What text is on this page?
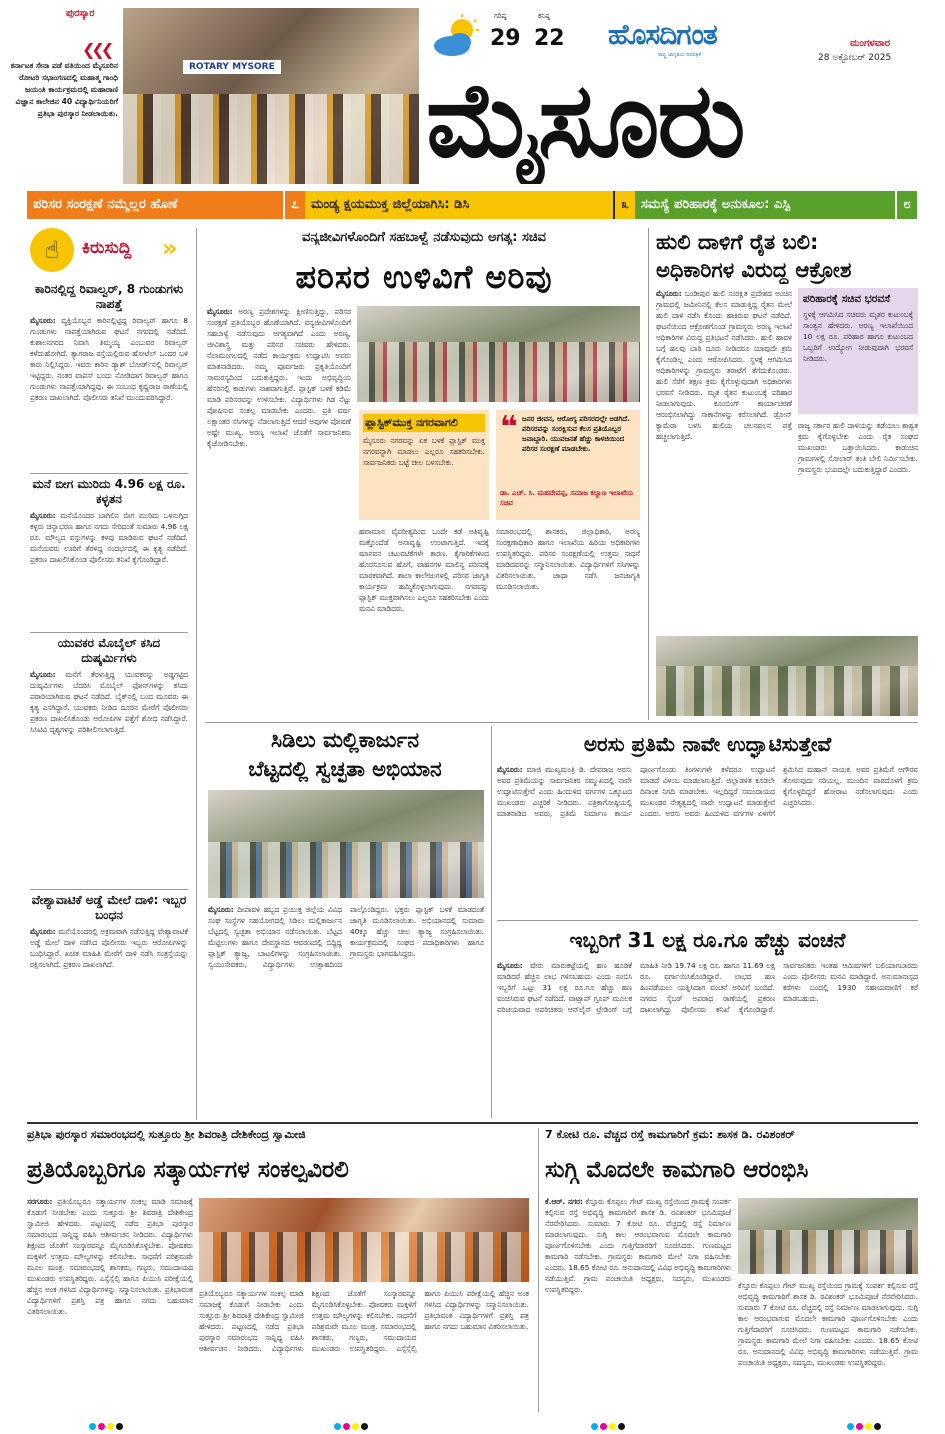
ಪುರಸ್ಕಾರ
❮❮❮
ಕರ್ನಾಟಕ ಸೇನಾ ಪಡೆ ವತಿಯಿಂದ ಮೈಸೂರಿನ ರೋಟರಿ ಸಭಾಂಗಣದಲ್ಲಿ ಮಹಾತ್ಮ ಗಾಂಧಿ ಜಯಂತಿ ಕಾರ್ಯಕ್ರಮದಲ್ಲಿ ಮಹಾರಾಣಿ ವಿಜ್ಞಾನ ಕಾಲೇಜಿನ 40 ವಿದ್ಯಾರ್ಥಿನಿಯರಿಗೆ ಪ್ರತಿಭಾ ಪುರಸ್ಕಾರ ನೀಡಲಾಯಿತು.
ROTARY MYSORE
ಗರಿಷ್ಠ
29
ಕನಿಷ್ಠ
22 ಹೊಸದಿಗಂತ
ರಾಷ್ಟ್ರ ಜಾಗೃತಿಯ ದಿನಪತ್ರಿಕೆ
ಮಂಗಳವಾರ
28 ಅಕ್ಟೋಬರ್ 2025
ಮೈಸೂರು
ಪರಿಸರ ಸಂರಕ್ಷಣೆ ನಮ್ಮೆಲ್ಲರ ಹೊಣೆ	೭ ಮಂಡ್ಯ ಕ್ಷಯಮುಕ್ತ ಜಿಲ್ಲೆಯಾಗಿಸಿ: ಡಿಸಿ	೩ ಸಮಸ್ಯೆ ಪರಿಹಾರಕ್ಕೆ ಅನುಕೂಲ: ಎಸ್ಪಿ	೮
☝	ಕಿರುಸುದ್ದಿ »
ಕಾರಿನಲ್ಲಿದ್ದ ರಿವಾಲ್ವರ್, 8 ಗುಂಡುಗಳು ನಾಪತ್ತೆ
ಮೈಸೂರು: ವ್ಯಕ್ತಿಯೊಬ್ಬರ ಕಾರಿನಲ್ಲಿಟ್ಟಿದ್ದ ರಿವಾಲ್ವರ್ ಹಾಗೂ 8 ಗುಂಡುಗಳು ನಾಪತ್ತೆಯಾಗಿರುವ ಘಟನೆ ನಗರದಲ್ಲಿ ನಡೆದಿದೆ. ಕುಶಾಲನಗರದ ನಿವಾಸಿ ತಿಮ್ಮಯ್ಯ ಎಂಬುವರ ರಿವಾಲ್ವರ್ ಕಳೆದುಹೋಗಿದೆ. ತ್ಯಾಗರಾಜ ರಸ್ತೆಯಲ್ಲಿರುವ ಹೋಟೆಲ್ ಒಂದರ ಬಳಿ ಕಾರು ನಿಲ್ಲಿಸಿದ್ದರು. ಇವರು ಕಾರಿನ ಡ್ಯಾಶ್ ಬೋರ್ಡ್‌ನಲ್ಲಿ ರಿವಾಲ್ವರ್ ಇಟ್ಟಿದ್ದರು. ನಂತರ ವಾಪಸ್ ಬಂದು ನೋಡಿದಾಗ ರಿವಾಲ್ವರ್ ಹಾಗೂ ಗುಂಡುಗಳು ನಾಪತ್ತೆಯಾಗಿದ್ದವು. ಈ ಸಂಬಂಧ ಕೃಷ್ಣರಾಜ ಠಾಣೆಯಲ್ಲಿ ಪ್ರಕರಣ ದಾಖಲಾಗಿದೆ. ಪೊಲೀಸರು ತನಿಖೆ ಮುಂದುವರಿಸಿದ್ದಾರೆ.
ಮನೆ ಬೀಗ ಮುರಿದು 4.96 ಲಕ್ಷ ರೂ. ಕಳ್ಳತನ
ಮೈಸೂರು: ಮನೆಯೊಂದರ ಬಾಗಿಲಿನ ಬೀಗ ಮುರಿದು ಒಳನುಗ್ಗಿದ ಕಳ್ಳರು ಚಿನ್ನಾಭರಣ ಹಾಗೂ ನಗದು ಸೇರಿದಂತೆ ಸುಮಾರು 4.96 ಲಕ್ಷ ರೂ. ಮೌಲ್ಯದ ವಸ್ತುಗಳನ್ನು ಕಳವು ಮಾಡಿರುವ ಘಟನೆ ನಡೆದಿದೆ. ಮನೆಯವರು ಊರಿಗೆ ತೆರಳಿದ್ದ ಸಂದರ್ಭದಲ್ಲಿ ಈ ಕೃತ್ಯ ನಡೆದಿದೆ. ಪ್ರಕರಣ ದಾಖಲಿಸಿಕೊಂಡ ಪೊಲೀಸರು ತನಿಖೆ ಕೈಗೊಂಡಿದ್ದಾರೆ.
ಯುವಕರ ಮೊಬೈಲ್ ಕಸಿದ ದುಷ್ಕರ್ಮಿಗಳು
ಮೈಸೂರು: ಮನೆಗೆ ತೆರಳುತ್ತಿದ್ದ ಯುವಕರನ್ನು ಅಡ್ಡಗಟ್ಟಿದ ದುಷ್ಕರ್ಮಿಗಳು ಬೆದರಿಸಿ ಮೊಬೈಲ್ ಫೋನ್‌ಗಳನ್ನು ಕಸಿದು ಪರಾರಿಯಾಗಿರುವ ಘಟನೆ ನಡೆದಿದೆ. ಬೈಕ್‌ನಲ್ಲಿ ಬಂದ ಮೂವರು ಈ ಕೃತ್ಯ ಎಸಗಿದ್ದಾರೆ. ಯುವಕರು ನೀಡಿದ ದೂರಿನ ಮೇರೆಗೆ ಪೊಲೀಸರು ಪ್ರಕರಣ ದಾಖಲಿಸಿಕೊಂಡು ಆರೋಪಿಗಳ ಪತ್ತೆಗೆ ಶೋಧ ನಡೆಸಿದ್ದಾರೆ. ಸಿಸಿಟಿವಿ ದೃಶ್ಯಗಳನ್ನು ಪರಿಶೀಲಿಸಲಾಗುತ್ತಿದೆ.
ವೇಶ್ಯಾವಾಟಿಕೆ ಅಡ್ಡೆ ಮೇಲೆ ದಾಳಿ: ಇಬ್ಬರ ಬಂಧನ
ಮೈಸೂರು: ಮನೆಯೊಂದರಲ್ಲಿ ಅಕ್ರಮವಾಗಿ ನಡೆಸುತ್ತಿದ್ದ ವೇಶ್ಯಾವಾಟಿಕೆ ಅಡ್ಡೆ ಮೇಲೆ ದಾಳಿ ನಡೆಸಿದ ಪೊಲೀಸರು ಇಬ್ಬರು ಆರೋಪಿಗಳನ್ನು ಬಂಧಿಸಿದ್ದಾರೆ. ಖಚಿತ ಮಾಹಿತಿ ಮೇರೆಗೆ ದಾಳಿ ನಡೆಸಿ ಸಂತ್ರಸ್ತೆಯನ್ನು ರಕ್ಷಿಸಲಾಗಿದೆ. ಪ್ರಕರಣ ದಾಖಲಾಗಿದೆ.
ವನ್ಯಜೀವಿಗಳೊಂದಿಗೆ ಸಹಬಾಳ್ವೆ ನಡೆಸುವುದು ಅಗತ್ಯ: ಸಚಿವ
ಪರಿಸರ ಉಳಿವಿಗೆ ಅರಿವು
ಮೈಸೂರು: ಅರಣ್ಯ ಪ್ರದೇಶಗಳನ್ನು ಕ್ಷೀಣಿಸುತ್ತಿದ್ದು, ಪರಿಸರ ಸಂರಕ್ಷಣೆ ಪ್ರತಿಯೊಬ್ಬರ ಹೊಣೆಯಾಗಿದೆ. ವನ್ಯಜೀವಿಗಳೊಂದಿಗೆ ಸಹಬಾಳ್ವೆ ನಡೆಸುವುದು ಅಗತ್ಯವಾಗಿದೆ ಎಂದು ಅರಣ್ಯ, ಜೀವಿಶಾಸ್ತ್ರ ಮತ್ತು ಪರಿಸರ ಸಚಿವರು ಹೇಳಿದರು. ನೆಲಾಮಂಗಲದಲ್ಲಿ ನಡೆದ ಕಾರ್ಯಕ್ರಮ ಉದ್ಘಾಟಿಸಿ ಅವರು ಮಾತನಾಡಿದರು. ನಮ್ಮ ಪೂರ್ವಜರು ಪ್ರಕೃತಿಯೊಂದಿಗೆ ಸಾಮರಸ್ಯದಿಂದ ಬದುಕುತ್ತಿದ್ದರು. ಇಂದು ಅಭಿವೃದ್ಧಿಯ ಹೆಸರಿನಲ್ಲಿ ಕಾಡುಗಳು ನಾಶವಾಗುತ್ತಿವೆ. ಪ್ಲಾಸ್ಟಿಕ್ ಬಳಕೆ ಕಡಿಮೆ ಮಾಡಿ ಪರಿಸರವನ್ನು ಉಳಿಸಬೇಕು. ವಿದ್ಯಾರ್ಥಿಗಳು ಗಿಡ ನೆಟ್ಟು ಪೋಷಿಸುವ ಸಂಕಲ್ಪ ಮಾಡಬೇಕು ಎಂದರು. ಪ್ರತಿ ವರ್ಷ ಲಕ್ಷಾಂತರ ಸಸಿಗಳನ್ನು ನೆಡಲಾಗುತ್ತಿದೆ ಆದರೆ ಅವುಗಳ ಪೋಷಣೆ ಅಷ್ಟೇ ಮುಖ್ಯ. ಅರಣ್ಯ ಇಲಾಖೆ ಜೊತೆಗೆ ಸಾರ್ವಜನಿಕರು ಕೈಜೋಡಿಸಬೇಕು.
ಪ್ಲಾಸ್ಟಿಕ್‌ಮುಕ್ತ ನಗರವಾಗಲಿ
ಮೈಸೂರು ನಗರವನ್ನು ಏಕ ಬಳಕೆ ಪ್ಲಾಸ್ಟಿಕ್ ಮುಕ್ತ ನಗರವನ್ನಾಗಿ ಮಾಡಲು ಎಲ್ಲರೂ ಸಹಕರಿಸಬೇಕು. ಸಾರ್ವಜನಿಕರು ಬಟ್ಟೆ ಚೀಲ ಬಳಸಬೇಕು.
❝ ಜನರ ಜೀವನ, ಆರೋಗ್ಯ ಪರಿಸರದಲ್ಲೇ ಅಡಗಿದೆ. ಪರಿಸರವನ್ನು ಸಂರಕ್ಷಿಸುವ ಕೆಲಸ ಪ್ರತಿಯೊಬ್ಬರ ಜವಾಬ್ದಾರಿ. ಯುವಜನತೆ ಹೆಚ್ಚು ಕಾಳಜಿಯಿಂದ ಪರಿಸರ ಸಂರಕ್ಷಣೆ ಮಾಡಬೇಕು.
ಡಾ. ಎಚ್. ಸಿ. ಮಹದೇವಪ್ಪ, ಸಮಾಜ ಕಲ್ಯಾಣ ಇಲಾಖೆಯ ಸಚಿವ
ಹವಾಮಾನ ವೈಪರೀತ್ಯದಿಂದ ಒಂದೇ ಕಡೆ ಅತಿವೃಷ್ಟಿ ಮತ್ತೊಂದೆಡೆ ಅನಾವೃಷ್ಟಿ ಉಂಟಾಗುತ್ತಿದೆ. ಇದಕ್ಕೆ ಮಾನವನ ಚಟುವಟಿಕೆಗಳೇ ಕಾರಣ. ಕೈಗಾರಿಕೆಗಳಿಂದ ಹೊರಸೂಸುವ ಹೊಗೆ, ವಾಹನಗಳ ಮಾಲಿನ್ಯ ಪರಿಸರಕ್ಕೆ ಮಾರಕವಾಗಿದೆ. ಶಾಲಾ ಕಾಲೇಜುಗಳಲ್ಲಿ ಪರಿಸರ ಜಾಗೃತಿ ಕಾರ್ಯಕ್ರಮ ಹಮ್ಮಿಕೊಳ್ಳಲಾಗುವುದು. ನಗರವನ್ನು ಪ್ಲಾಸ್ಟಿಕ್ ಮುಕ್ತವಾಗಿಸಲು ಎಲ್ಲರೂ ಸಹಕರಿಸಬೇಕು ಎಂದು ಮನವಿ ಮಾಡಿದರು.
ಸಮಾರಂಭದಲ್ಲಿ ಶಾಸಕರು, ಜಿಲ್ಲಾಧಿಕಾರಿ, ಅರಣ್ಯ ಸಂರಕ್ಷಣಾಧಿಕಾರಿ ಹಾಗೂ ಇಲಾಖೆಯ ಹಿರಿಯ ಅಧಿಕಾರಿಗಳು ಉಪಸ್ಥಿತರಿದ್ದರು. ಪರಿಸರ ಸಂರಕ್ಷಣೆಯಲ್ಲಿ ಉತ್ತಮ ಸಾಧನೆ ಮಾಡಿದವರನ್ನು ಸನ್ಮಾನಿಸಲಾಯಿತು. ವಿದ್ಯಾರ್ಥಿಗಳಿಗೆ ಸಸಿಗಳನ್ನು ವಿತರಿಸಲಾಯಿತು. ಜಾಥಾ ನಡೆಸಿ ಜನಜಾಗೃತಿ ಮೂಡಿಸಲಾಯಿತು.
ಹುಲಿ ದಾಳಿಗೆ ರೈತ ಬಲಿ:
ಅಧಿಕಾರಿಗಳ ವಿರುದ್ಧ ಆಕ್ರೋಶ
ಮೈಸೂರು: ಬಂಡೀಪುರ ಹುಲಿ ಸಂರಕ್ಷಿತ ಪ್ರದೇಶದ ಅಂಚಿನ ಗ್ರಾಮದಲ್ಲಿ ಜಮೀನಿನಲ್ಲಿ ಕೆಲಸ ಮಾಡುತ್ತಿದ್ದ ರೈತನ ಮೇಲೆ ಹುಲಿ ದಾಳಿ ನಡೆಸಿ ಕೊಂದು ಹಾಕಿರುವ ಘಟನೆ ನಡೆದಿದೆ. ಘಟನೆಯಿಂದ ಆಕ್ರೋಶಗೊಂಡ ಗ್ರಾಮಸ್ಥರು ಅರಣ್ಯ ಇಲಾಖೆ ಅಧಿಕಾರಿಗಳ ವಿರುದ್ಧ ಪ್ರತಿಭಟನೆ ನಡೆಸಿದರು. ಹುಲಿ ಹಾವಳಿ ಬಗ್ಗೆ ಹಲವು ಬಾರಿ ದೂರು ನೀಡಿದರೂ ಯಾವುದೇ ಕ್ರಮ ಕೈಗೊಂಡಿಲ್ಲ ಎಂದು ಆರೋಪಿಸಿದರು. ಸ್ಥಳಕ್ಕೆ ಆಗಮಿಸಿದ ಅಧಿಕಾರಿಗಳನ್ನು ಗ್ರಾಮಸ್ಥರು ತರಾಟೆಗೆ ತೆಗೆದುಕೊಂಡರು. ಹುಲಿ ಸೆರೆಗೆ ತಕ್ಷಣ ಕ್ರಮ ಕೈಗೊಳ್ಳುವುದಾಗಿ ಅಧಿಕಾರಿಗಳು ಭರವಸೆ ನೀಡಿದರು. ಮೃತ ರೈತನ ಕುಟುಂಬಕ್ಕೆ ಪರಿಹಾರ ನೀಡಲಾಗುವುದು. ಕೂಂಬಿಂಗ್ ಕಾರ್ಯಾಚರಣೆ ಆರಂಭಿಸಲಾಗಿದ್ದು ಸಾಕಾನೆಗಳನ್ನು ಕರೆಸಲಾಗಿದೆ. ಡ್ರೋನ್ ಕ್ಯಾಮೆರಾ ಬಳಸಿ ಹುಲಿಯ ಚಲನವಲನ ಪತ್ತೆ ಹಚ್ಚಲಾಗುತ್ತಿದೆ.
ಪರಿಹಾರಕ್ಕೆ ಸಚಿವ ಭರವಸೆ
ಸ್ಥಳಕ್ಕೆ ಆಗಮಿಸಿದ ಸಚಿವರು ಮೃತರ ಕುಟುಂಬಕ್ಕೆ ಸಾಂತ್ವನ ಹೇಳಿದರು. ಅರಣ್ಯ ಇಲಾಖೆಯಿಂದ 10 ಲಕ್ಷ ರೂ. ಪರಿಹಾರ ಹಾಗೂ ಕುಟುಂಬದ ಒಬ್ಬರಿಗೆ ಉದ್ಯೋಗ ನೀಡುವುದಾಗಿ ಭರವಸೆ ನೀಡಿದರು.
ರಾಜ್ಯ ಸರ್ಕಾರ ಹುಲಿ ದಾಳಿಯನ್ನು ತಡೆಯಲು ಶಾಶ್ವತ ಕ್ರಮ ಕೈಗೊಳ್ಳಬೇಕು ಎಂದು ರೈತ ಸಂಘದ ಮುಖಂಡರು ಒತ್ತಾಯಿಸಿದರು. ಕಾಡಂಚಿನ ಗ್ರಾಮಗಳಲ್ಲಿ ಸೋಲಾರ್ ತಂತಿ ಬೇಲಿ ನಿರ್ಮಿಸಬೇಕು. ಗ್ರಾಮಸ್ಥರು ಭಯದಲ್ಲೇ ಬದುಕುತ್ತಿದ್ದಾರೆ ಎಂದರು.
ಸಿಡಿಲು ಮಲ್ಲಿಕಾರ್ಜುನ
ಬೆಟ್ಟದಲ್ಲಿ ಸ್ವಚ್ಛತಾ ಅಭಿಯಾನ
ಮೈಸೂರು: ದೀಪಾವಳಿ ಹಬ್ಬದ ಪ್ರಯುಕ್ತ ಜಿಲ್ಲೆಯ ವಿವಿಧ ಸಂಘ ಸಂಸ್ಥೆಗಳ ಸಹಯೋಗದಲ್ಲಿ ಸಿಡಿಲು ಮಲ್ಲಿಕಾರ್ಜುನ ಬೆಟ್ಟದಲ್ಲಿ ಸ್ವಚ್ಛತಾ ಅಭಿಯಾನ ನಡೆಸಲಾಯಿತು. ಬೆಟ್ಟದ ಮೆಟ್ಟಿಲುಗಳು ಹಾಗೂ ದೇವಸ್ಥಾನದ ಆವರಣದಲ್ಲಿ ಬಿದ್ದಿದ್ದ ಪ್ಲಾಸ್ಟಿಕ್ ತ್ಯಾಜ್ಯ, ಬಾಟಲಿಗಳನ್ನು ಸಂಗ್ರಹಿಸಲಾಯಿತು. ಸ್ವಯಂಸೇವಕರು, ವಿದ್ಯಾರ್ಥಿಗಳು ಉತ್ಸಾಹದಿಂದ ಪಾಲ್ಗೊಂಡಿದ್ದರು. ಭಕ್ತರು ಪ್ಲಾಸ್ಟಿಕ್ ಬಳಕೆ ಮಾಡದಂತೆ ಜಾಗೃತಿ ಮೂಡಿಸಲಾಯಿತು. ಅಭಿಯಾನದಲ್ಲಿ ಸುಮಾರು 40ಕ್ಕೂ ಹೆಚ್ಚು ಚೀಲ ತ್ಯಾಜ್ಯ ಸಂಗ್ರಹಿಸಲಾಯಿತು. ಕಾರ್ಯಕ್ರಮದಲ್ಲಿ ಸಂಘದ ಪದಾಧಿಕಾರಿಗಳು ಹಾಗೂ ಗ್ರಾಮಸ್ಥರು ಭಾಗವಹಿಸಿದ್ದರು.
ಅರಸು ಪ್ರತಿಮೆ ನಾವೇ ಉದ್ಘಾಟಿಸುತ್ತೇವೆ
ಮೈಸೂರು: ಮಾಜಿ ಮುಖ್ಯಮಂತ್ರಿ ಡಿ. ದೇವರಾಜ ಅರಸು ಅವರ ಪ್ರತಿಮೆಯನ್ನು ಸಾರ್ವಜನಿಕರ ಸಮ್ಮುಖದಲ್ಲಿ ನಾವೇ ಉದ್ಘಾಟಿಸುತ್ತೇವೆ ಎಂದು ಹಿಂದುಳಿದ ವರ್ಗಗಳ ಒಕ್ಕೂಟದ ಮುಖಂಡರು ಎಚ್ಚರಿಕೆ ನೀಡಿದರು. ಪತ್ರಿಕಾಗೋಷ್ಠಿಯಲ್ಲಿ ಮಾತನಾಡಿದ ಅವರು, ಪ್ರತಿಮೆ ನಿರ್ಮಾಣ ಕಾರ್ಯ ಪೂರ್ಣಗೊಂಡು ತಿಂಗಳುಗಳೇ ಕಳೆದರೂ ಉದ್ಘಾಟನೆ ಮಾಡದೆ ವಿಳಂಬ ಮಾಡಲಾಗುತ್ತಿದೆ. ಜಿಲ್ಲಾಡಳಿತ ಕೂಡಲೇ ದಿನಾಂಕ ನಿಗದಿ ಮಾಡಬೇಕು. ಇಲ್ಲದಿದ್ದರೆ ಸಮುದಾಯದ ಮುಖಂಡರ ನೇತೃತ್ವದಲ್ಲಿ ನಾವೇ ಉದ್ಘಾಟನೆ ಮಾಡುತ್ತೇವೆ ಎಂದರು. ಅರಸು ಅವರು ಹಿಂದುಳಿದ ವರ್ಗಗಳ ಏಳಿಗೆಗೆ ಶ್ರಮಿಸಿದ ಮಹಾನ್ ನಾಯಕ. ಅವರ ಪ್ರತಿಮೆಗೆ ಅಗೌರವ ತೋರುವುದು ಸರಿಯಲ್ಲ. ಮುಂದಿನ ವಾರದೊಳಗೆ ಕ್ರಮ ಕೈಗೊಳ್ಳದಿದ್ದರೆ ಹೋರಾಟ ನಡೆಸಲಾಗುವುದು ಎಂದು ಎಚ್ಚರಿಸಿದರು.
ಇಬ್ಬರಿಗೆ 31 ಲಕ್ಷ ರೂ.ಗೂ ಹೆಚ್ಚು ವಂಚನೆ
ಮೈಸೂರು: ಷೇರು ಮಾರುಕಟ್ಟೆಯಲ್ಲಿ ಹಣ ಹೂಡಿಕೆ ಮಾಡಿದರೆ ಹೆಚ್ಚಿನ ಲಾಭ ಗಳಿಸಬಹುದು ಎಂದು ನಂಬಿಸಿ ಇಬ್ಬರಿಗೆ ಒಟ್ಟು 31 ಲಕ್ಷ ರೂ.ಗೂ ಹೆಚ್ಚು ಹಣ ವಂಚಿಸಿರುವ ಘಟನೆ ನಡೆದಿದೆ. ವಾಟ್ಸಾಪ್ ಗ್ರೂಪ್ ಮೂಲಕ ಪರಿಚಯವಾದ ಅಪರಿಚಿತರು ಆನ್‌ಲೈನ್ ಟ್ರೇಡಿಂಗ್ ಬಗ್ಗೆ ಮಾಹಿತಿ ನೀಡಿ 19.74 ಲಕ್ಷ ರೂ. ಹಾಗೂ 11.69 ಲಕ್ಷ ರೂ. ವರ್ಗಾಯಿಸಿಕೊಂಡಿದ್ದಾರೆ. ಲಾಭದ ಹಣ ಹಿಂಪಡೆಯಲು ಯತ್ನಿಸಿದಾಗ ವಂಚನೆ ಅರಿವಿಗೆ ಬಂದಿದೆ. ನಗರದ ಸೈಬರ್ ಅಪರಾಧ ಠಾಣೆಯಲ್ಲಿ ಪ್ರಕರಣ ದಾಖಲಾಗಿದ್ದು ಪೊಲೀಸರು ತನಿಖೆ ಕೈಗೊಂಡಿದ್ದಾರೆ. ಸಾರ್ವಜನಿಕರು ಇಂತಹ ಆಮಿಷಗಳಿಗೆ ಬಲಿಯಾಗಬಾರದು ಎಂದು ಪೊಲೀಸರು ಮನವಿ ಮಾಡಿದ್ದಾರೆ. ಅನುಮಾನಾಸ್ಪದ ಕರೆಗಳು ಬಂದಲ್ಲಿ 1930 ಸಹಾಯವಾಣಿಗೆ ಕರೆ ಮಾಡಬಹುದು.
ಪ್ರತಿಭಾ ಪುರಸ್ಕಾರ ಸಮಾರಂಭದಲ್ಲಿ ಸುತ್ತೂರು ಶ್ರೀ ಶಿವರಾತ್ರಿ ದೇಶಿಕೇಂದ್ರ ಸ್ವಾಮೀಜಿ
ಪ್ರತಿಯೊಬ್ಬರಿಗೂ ಸತ್ಕಾರ್ಯಗಳ ಸಂಕಲ್ಪವಿರಲಿ
ಸರಗೂರು: ಪ್ರತಿಯೊಬ್ಬರೂ ಸತ್ಕಾರ್ಯಗಳ ಸಂಕಲ್ಪ ಮಾಡಿ ಸಮಾಜಕ್ಕೆ ಕೊಡುಗೆ ನೀಡಬೇಕು ಎಂದು ಸುತ್ತೂರು ಶ್ರೀ ಶಿವರಾತ್ರಿ ದೇಶಿಕೇಂದ್ರ ಸ್ವಾಮೀಜಿ ಹೇಳಿದರು. ಪಟ್ಟಣದಲ್ಲಿ ನಡೆದ ಪ್ರತಿಭಾ ಪುರಸ್ಕಾರ ಸಮಾರಂಭದ ಸಾನ್ನಿಧ್ಯ ವಹಿಸಿ ಆಶೀರ್ವಚನ ನೀಡಿದರು. ವಿದ್ಯಾರ್ಥಿಗಳು ಶಿಕ್ಷಣದ ಜೊತೆಗೆ ಸಂಸ್ಕಾರವನ್ನೂ ಮೈಗೂಡಿಸಿಕೊಳ್ಳಬೇಕು. ಪೋಷಕರು ಮಕ್ಕಳಿಗೆ ಉತ್ತಮ ಮೌಲ್ಯಗಳನ್ನು ಕಲಿಸಬೇಕು. ಸಾಧನೆಗೆ ಪರಿಶ್ರಮವೇ ಮೂಲ ಮಂತ್ರ. ಸಮಾರಂಭದಲ್ಲಿ ಶಾಸಕರು, ಗಣ್ಯರು, ಸಮುದಾಯದ ಮುಖಂಡರು ಉಪಸ್ಥಿತರಿದ್ದರು. ಎಸ್ಸೆಸ್ಸೆಲ್ಸಿ ಹಾಗೂ ಪಿಯುಸಿ ಪರೀಕ್ಷೆಯಲ್ಲಿ ಹೆಚ್ಚಿನ ಅಂಕ ಗಳಿಸಿದ ವಿದ್ಯಾರ್ಥಿಗಳನ್ನು ಸನ್ಮಾನಿಸಲಾಯಿತು. ಪ್ರತಿಭಾವಂತ ವಿದ್ಯಾರ್ಥಿಗಳಿಗೆ ಪ್ರಶಸ್ತಿ ಪತ್ರ ಹಾಗೂ ನಗದು ಬಹುಮಾನ ವಿತರಿಸಲಾಯಿತು.
ಪ್ರತಿಯೊಬ್ಬರೂ ಸತ್ಕಾರ್ಯಗಳ ಸಂಕಲ್ಪ ಮಾಡಿ ಸಮಾಜಕ್ಕೆ ಕೊಡುಗೆ ನೀಡಬೇಕು ಎಂದು ಸುತ್ತೂರು ಶ್ರೀ ಶಿವರಾತ್ರಿ ದೇಶಿಕೇಂದ್ರ ಸ್ವಾಮೀಜಿ ಹೇಳಿದರು. ಪಟ್ಟಣದಲ್ಲಿ ನಡೆದ ಪ್ರತಿಭಾ ಪುರಸ್ಕಾರ ಸಮಾರಂಭದ ಸಾನ್ನಿಧ್ಯ ವಹಿಸಿ ಆಶೀರ್ವಚನ ನೀಡಿದರು. ವಿದ್ಯಾರ್ಥಿಗಳು ಶಿಕ್ಷಣದ ಜೊತೆಗೆ ಸಂಸ್ಕಾರವನ್ನೂ ಮೈಗೂಡಿಸಿಕೊಳ್ಳಬೇಕು. ಪೋಷಕರು ಮಕ್ಕಳಿಗೆ ಉತ್ತಮ ಮೌಲ್ಯಗಳನ್ನು ಕಲಿಸಬೇಕು. ಸಾಧನೆಗೆ ಪರಿಶ್ರಮವೇ ಮೂಲ ಮಂತ್ರ. ಸಮಾರಂಭದಲ್ಲಿ ಶಾಸಕರು, ಗಣ್ಯರು, ಸಮುದಾಯದ ಮುಖಂಡರು ಉಪಸ್ಥಿತರಿದ್ದರು. ಎಸ್ಸೆಸ್ಸೆಲ್ಸಿ ಹಾಗೂ ಪಿಯುಸಿ ಪರೀಕ್ಷೆಯಲ್ಲಿ ಹೆಚ್ಚಿನ ಅಂಕ ಗಳಿಸಿದ ವಿದ್ಯಾರ್ಥಿಗಳನ್ನು ಸನ್ಮಾನಿಸಲಾಯಿತು. ಪ್ರತಿಭಾವಂತ ವಿದ್ಯಾರ್ಥಿಗಳಿಗೆ ಪ್ರಶಸ್ತಿ ಪತ್ರ ಹಾಗೂ ನಗದು ಬಹುಮಾನ ವಿತರಿಸಲಾಯಿತು.
7 ಕೋಟಿ ರೂ. ವೆಚ್ಚದ ರಸ್ತೆ ಕಾಮಗಾರಿಗೆ ಕ್ರಮ: ಶಾಸಕ ಡಿ. ರವಿಶಂಕರ್
ಸುಗ್ಗಿ ಮೊದಲೇ ಕಾಮಗಾರಿ ಆರಂಭಿಸಿ
ಕೆ.ಆರ್. ನಗರ: ಕೆಸ್ತೂರು ಕೊಪ್ಪಲು ಗೇಟ್ ಮುಖ್ಯ ರಸ್ತೆಯಿಂದ ಗ್ರಾಮಕ್ಕೆ ಸಂಪರ್ಕ ಕಲ್ಪಿಸುವ ರಸ್ತೆ ಅಭಿವೃದ್ಧಿ ಕಾಮಗಾರಿಗೆ ಶಾಸಕ ಡಿ. ರವಿಶಂಕರ್ ಭೂಮಿಪೂಜೆ ನೆರವೇರಿಸಿದರು. ಸುಮಾರು 7 ಕೋಟಿ ರೂ. ವೆಚ್ಚದಲ್ಲಿ ರಸ್ತೆ ನಿರ್ಮಾಣ ಮಾಡಲಾಗುವುದು. ಸುಗ್ಗಿ ಕಾಲ ಆರಂಭವಾಗುವ ಮೊದಲೇ ಕಾಮಗಾರಿ ಪೂರ್ಣಗೊಳಿಸಬೇಕು ಎಂದು ಗುತ್ತಿಗೆದಾರರಿಗೆ ಸೂಚಿಸಿದರು. ಗುಣಮಟ್ಟದ ಕಾಮಗಾರಿ ನಡೆಸಬೇಕು. ಗ್ರಾಮಸ್ಥರು ಕಾಮಗಾರಿ ಮೇಲೆ ನಿಗಾ ವಹಿಸಬೇಕು ಎಂದರು. 18.65 ಕೋಟಿ ರೂ. ಅನುದಾನದಲ್ಲಿ ವಿವಿಧ ಅಭಿವೃದ್ಧಿ ಕಾಮಗಾರಿಗಳು ನಡೆಯುತ್ತಿವೆ. ಗ್ರಾಮ ಪಂಚಾಯಿತಿ ಅಧ್ಯಕ್ಷರು, ಸದಸ್ಯರು, ಮುಖಂಡರು ಉಪಸ್ಥಿತರಿದ್ದರು.	ಕೆಸ್ತೂರು ಕೊಪ್ಪಲು ಗೇಟ್ ಮುಖ್ಯ ರಸ್ತೆಯಿಂದ ಗ್ರಾಮಕ್ಕೆ ಸಂಪರ್ಕ ಕಲ್ಪಿಸುವ ರಸ್ತೆ ಅಭಿವೃದ್ಧಿ ಕಾಮಗಾರಿಗೆ ಶಾಸಕ ಡಿ. ರವಿಶಂಕರ್ ಭೂಮಿಪೂಜೆ ನೆರವೇರಿಸಿದರು. ಸುಮಾರು 7 ಕೋಟಿ ರೂ. ವೆಚ್ಚದಲ್ಲಿ ರಸ್ತೆ ನಿರ್ಮಾಣ ಮಾಡಲಾಗುವುದು. ಸುಗ್ಗಿ ಕಾಲ ಆರಂಭವಾಗುವ ಮೊದಲೇ ಕಾಮಗಾರಿ ಪೂರ್ಣಗೊಳಿಸಬೇಕು ಎಂದು ಗುತ್ತಿಗೆದಾರರಿಗೆ ಸೂಚಿಸಿದರು. ಗುಣಮಟ್ಟದ ಕಾಮಗಾರಿ ನಡೆಸಬೇಕು. ಗ್ರಾಮಸ್ಥರು ಕಾಮಗಾರಿ ಮೇಲೆ ನಿಗಾ ವಹಿಸಬೇಕು ಎಂದರು. 18.65 ಕೋಟಿ ರೂ. ಅನುದಾನದಲ್ಲಿ ವಿವಿಧ ಅಭಿವೃದ್ಧಿ ಕಾಮಗಾರಿಗಳು ನಡೆಯುತ್ತಿವೆ. ಗ್ರಾಮ ಪಂಚಾಯಿತಿ ಅಧ್ಯಕ್ಷರು, ಸದಸ್ಯರು, ಮುಖಂಡರು ಉಪಸ್ಥಿತರಿದ್ದರು.
